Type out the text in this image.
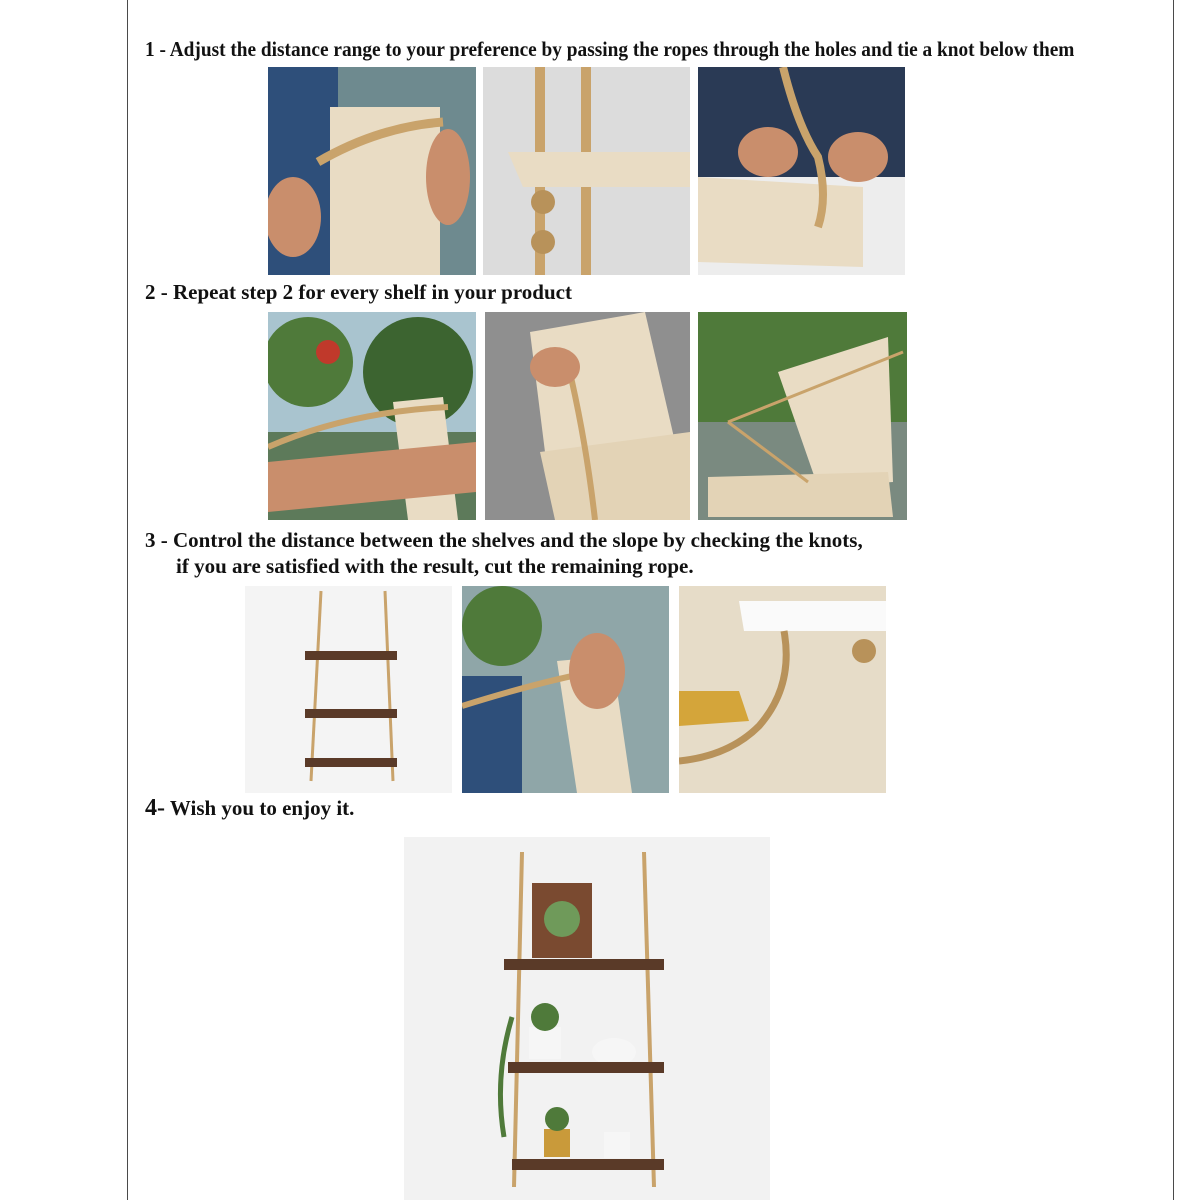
1 - Adjust the distance range to your preference by passing the ropes through the holes and tie a knot below them
2 - Repeat step 2 for every shelf in your product
3 - Control the distance between the shelves and the slope by checking the knots,
if you are satisfied with the result, cut the remaining rope.
4- Wish you to enjoy it.
